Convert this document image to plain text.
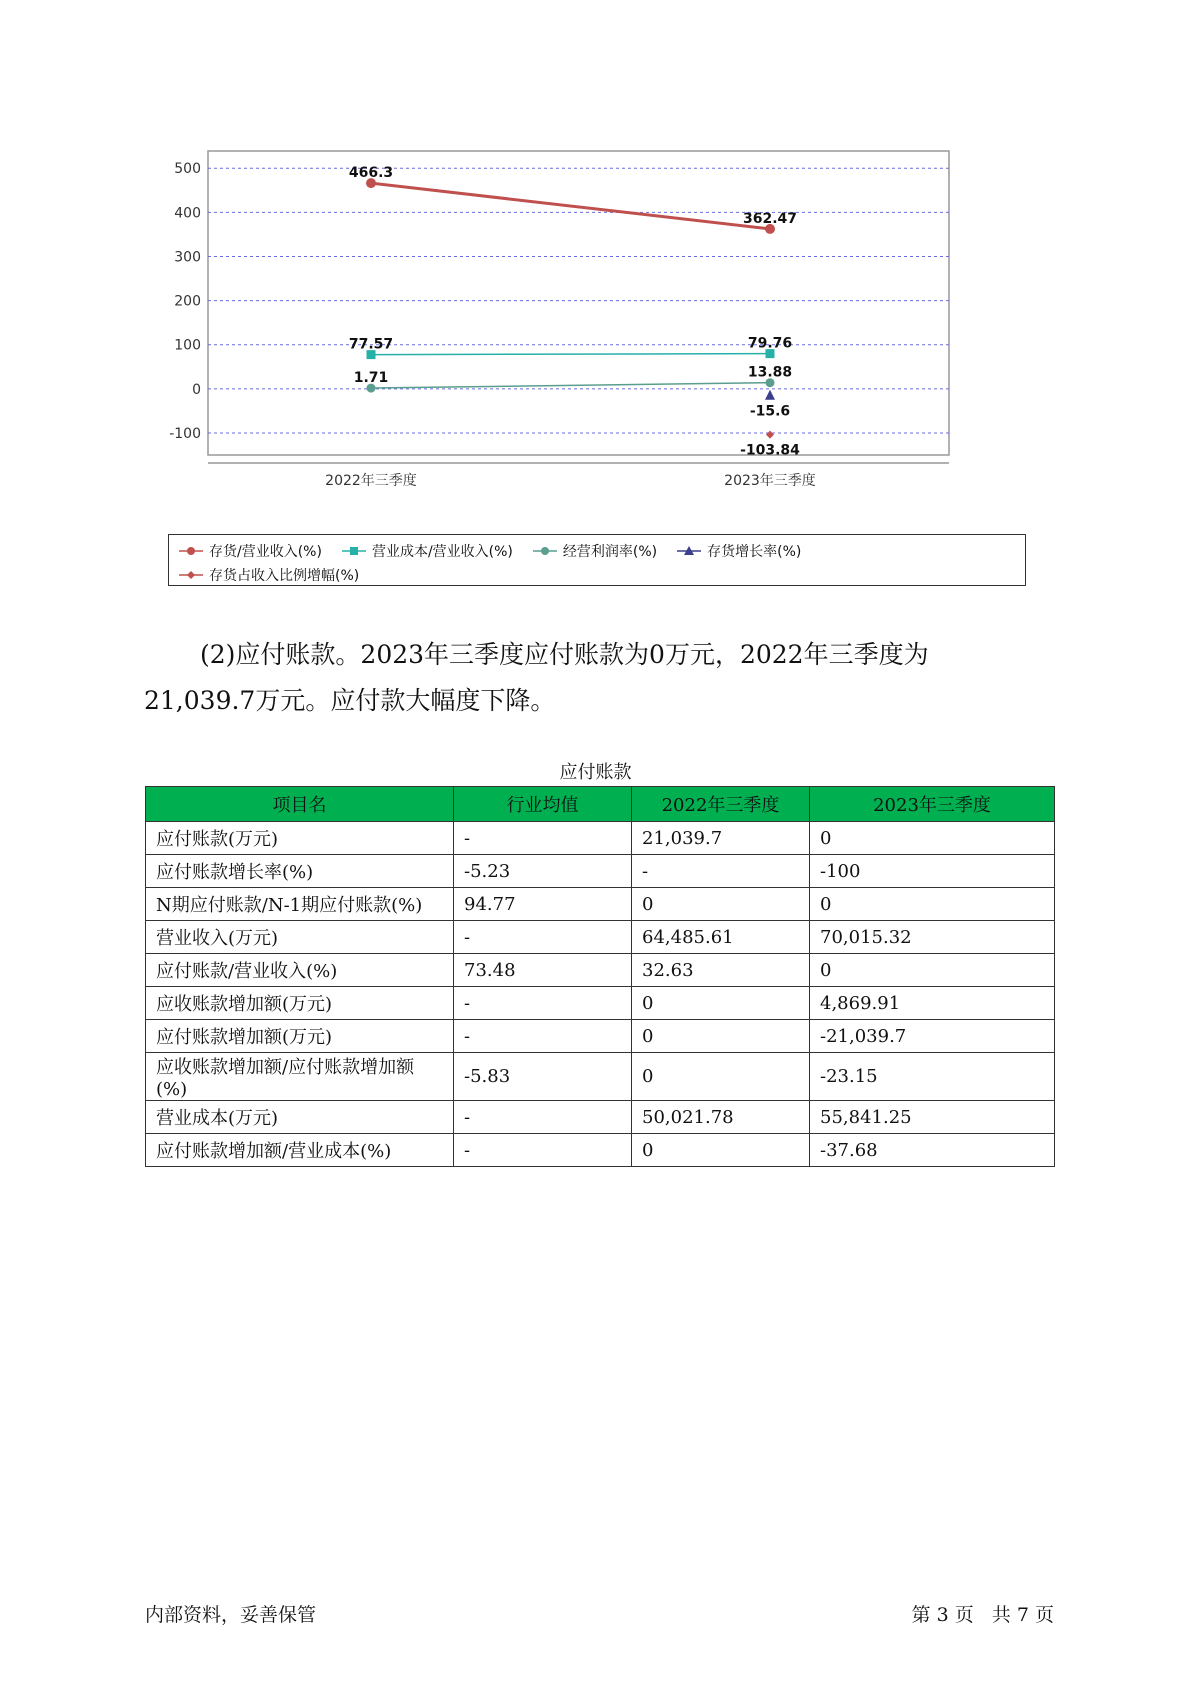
500
400
300
200
100
0
-100
2022年三季度	2023年三季度
466.3
362.47
77.57	79.76
1.71	13.88
-15.6
-103.84
存货/营业收入(%)	营业成本/营业收入(%)	经营利润率(%)	存货增长率(%)
存货占收入比例增幅(%)

(2)应付账款。2023年三季度应付账款为0万元，2022年三季度为

21,039.7万元。应付款大幅度下降。
应付账款
项目名	行业均值	2022年三季度	2023年三季度
应付账款(万元)	-	21,039.7	0
应付账款增长率(%)	-5.23	-	-100
N期应付账款/N-1期应付账款(%)	94.77	0	0
营业收入(万元)	-	64,485.61	70,015.32
应付账款/营业收入(%)	73.48	32.63	0
应收账款增加额(万元)	-	0	4,869.91
应付账款增加额(万元)	-	0	-21,039.7
应收账款增加额/应付账款增加额(%)	-5.83	0	-23.15
营业成本(万元)	-	50,021.78	55,841.25
应付账款增加额/营业成本(%)	-	0	-37.68
内部资料，妥善保管	第 3 页   共 7 页
